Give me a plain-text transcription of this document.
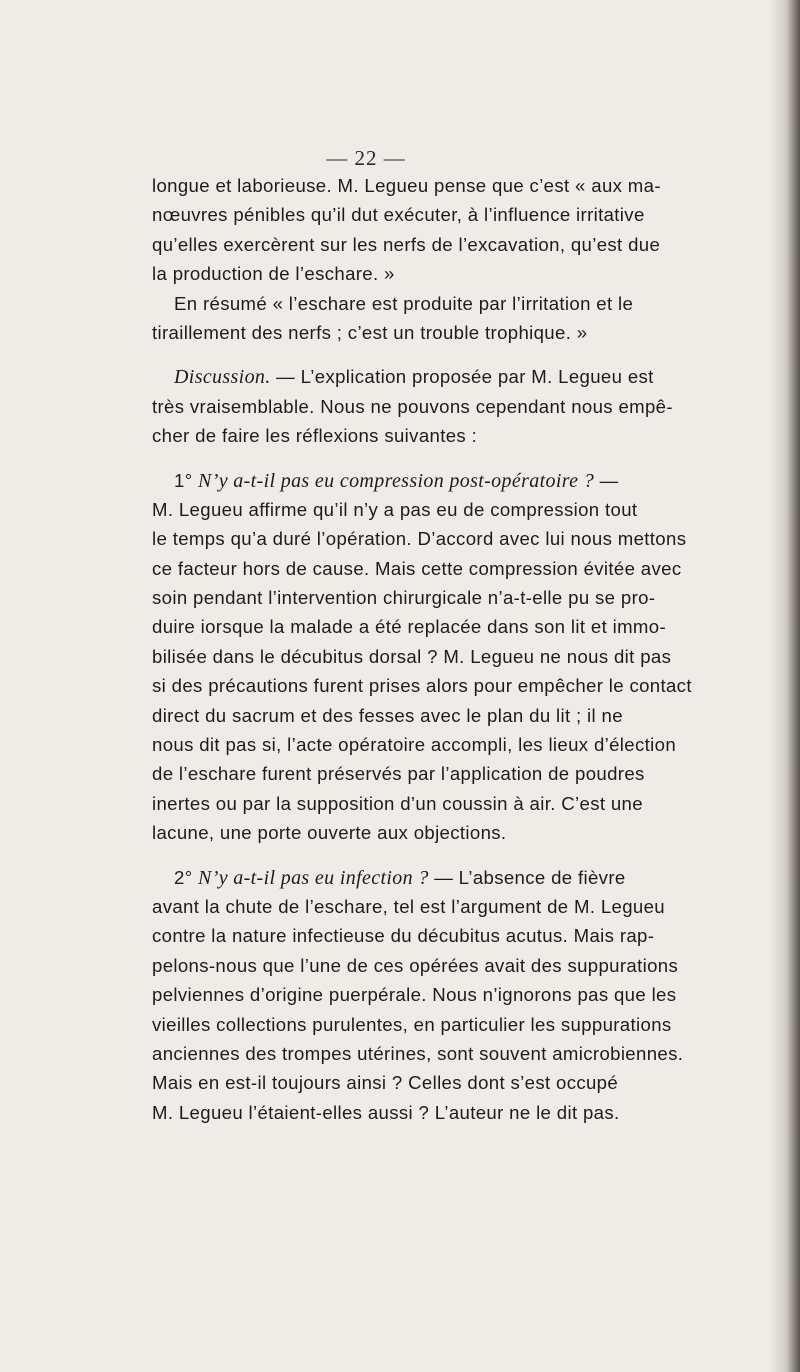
— 22 —
longue et laborieuse. M. Legueu pense que c’est « aux ma-
nœuvres pénibles qu’il dut exécuter, à l’influence irritative
qu’elles exercèrent sur les nerfs de l’excavation, qu’est due
la production de l’eschare. »
En résumé « l’eschare est produite par l’irritation et le
tiraillement des nerfs ; c’est un trouble trophique. »
Discussion. — L’explication proposée par M. Legueu est
très vraisemblable. Nous ne pouvons cependant nous empê-
cher de faire les réflexions suivantes :
1° N’y a-t-il pas eu compression post-opératoire ? —
M. Legueu affirme qu’il n’y a pas eu de compression tout
le temps qu’a duré l’opération. D’accord avec lui nous mettons
ce facteur hors de cause. Mais cette compression évitée avec
soin pendant l’intervention chirurgicale n’a-t-elle pu se pro-
duire iorsque la malade a été replacée dans son lit et immo-
bilisée dans le décubitus dorsal ? M. Legueu ne nous dit pas
si des précautions furent prises alors pour empêcher le contact
direct du sacrum et des fesses avec le plan du lit ; il ne
nous dit pas si, l’acte opératoire accompli, les lieux d’élection
de l’eschare furent préservés par l’application de poudres
inertes ou par la supposition d’un coussin à air. C’est une
lacune, une porte ouverte aux objections.
2° N’y a-t-il pas eu infection ? — L’absence de fièvre
avant la chute de l’eschare, tel est l’argument de M. Legueu
contre la nature infectieuse du décubitus acutus. Mais rap-
pelons-nous que l’une de ces opérées avait des suppurations
pelviennes d’origine puerpérale. Nous n’ignorons pas que les
vieilles collections purulentes, en particulier les suppurations
anciennes des trompes utérines, sont souvent amicrobiennes.
Mais en est-il toujours ainsi ? Celles dont s’est occupé
M. Legueu l’étaient-elles aussi ? L’auteur ne le dit pas.
